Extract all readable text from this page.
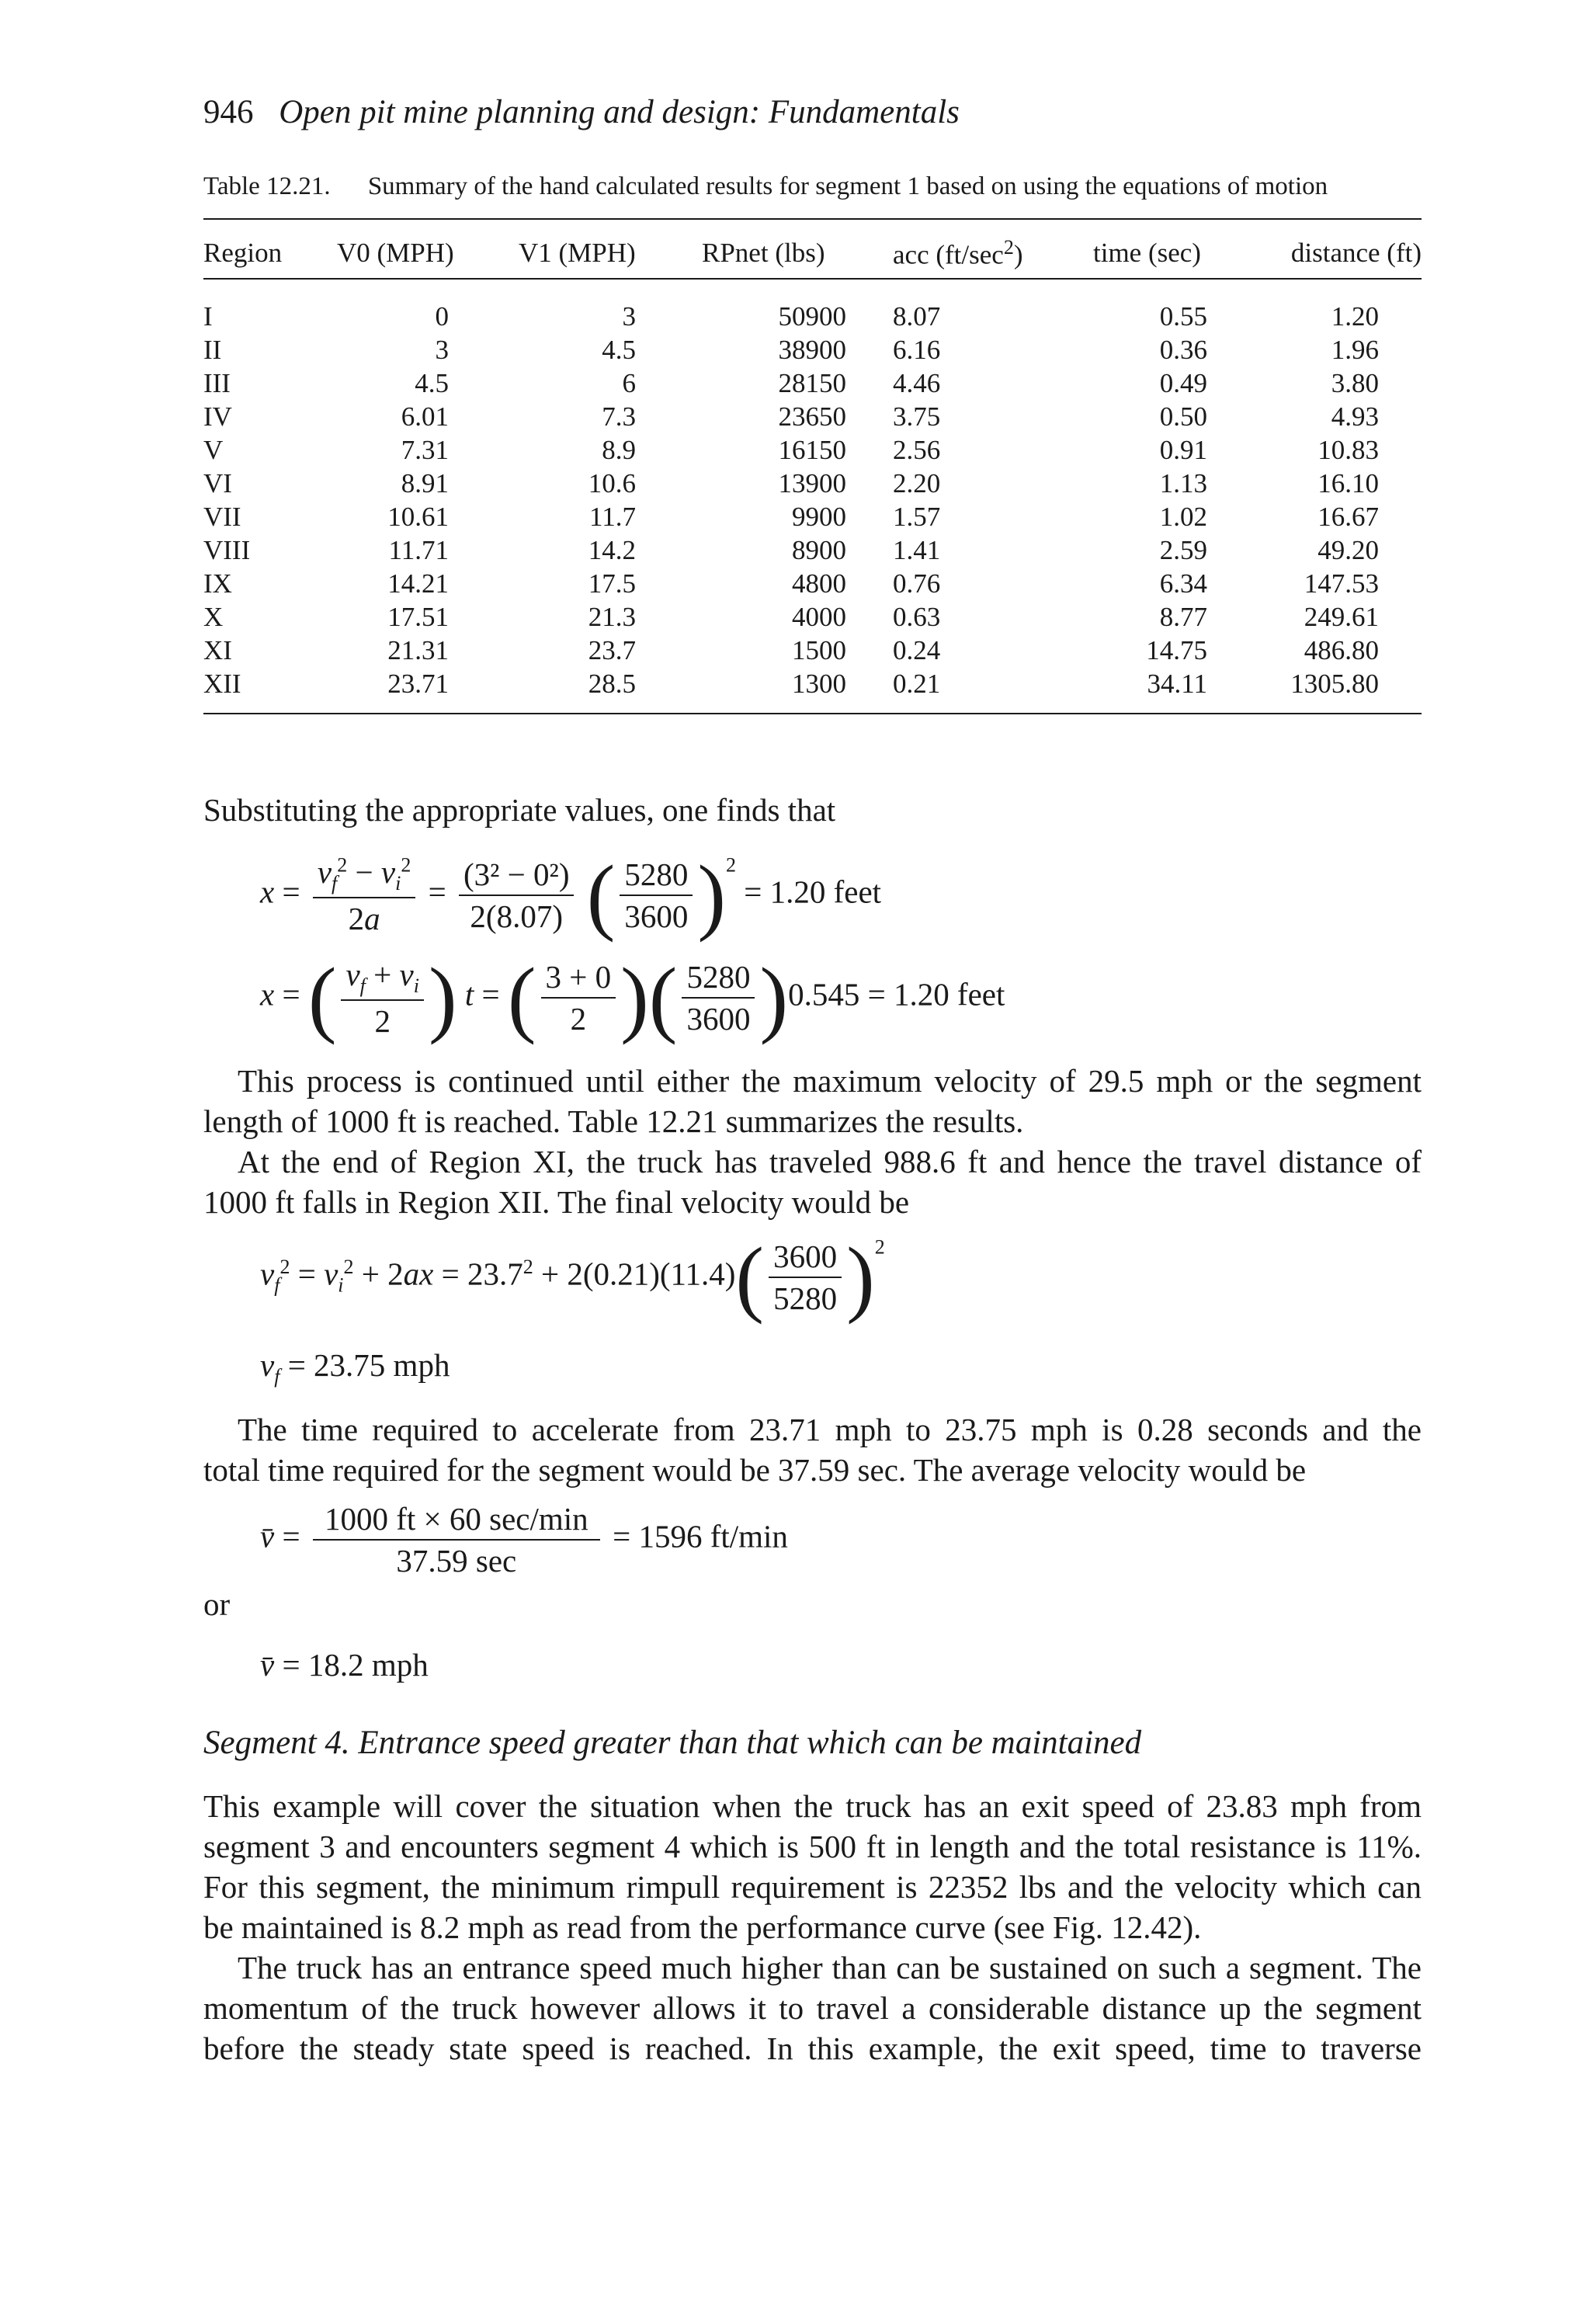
946 Open pit mine planning and design: Fundamentals
Table 12.21. Summary of the hand calculated results for segment 1 based on using the equations of motion
Region	V0 (MPH)	V1 (MPH)	RPnet (lbs)	acc $(ft/\sec^2)$	time (sec)	distance (ft)
I	0	3	50900	8.07	0.55	1.20
II	3	4.5	38900	6.16	0.36	1.96
III	4.5	6	28150	4.46	0.49	3.80
IV	6.01	7.3	23650	3.75	0.50	4.93
V	7.31	8.9	16150	2.56	0.91	10.83
VI	8.91	10.6	13900	2.20	1.13	16.10
VII	10.61	11.7	9900	1.57	1.02	16.67
VIII	11.71	14.2	8900	1.41	2.59	49.20
IX	14.21	17.5	4800	0.76	6.34	147.53
X	17.51	21.3	4000	0.63	8.77	249.61
XI	21.31	23.7	1500	0.24	14.75	486.80
XII	23.71	28.5	1300	0.21	34.11	1305.80
Substituting the appropriate values, one finds that
$x = \frac{v_f^2 - v_i^2}{2a} = \frac{\text{(3² − 0²)}}{2(8.07)}$ ( $\frac{5280}{3600} )^2 = 1.20$ feet
x = ( $\frac{v_f + v_i}{2}$ ) t = ( $\frac{3 + 0}{2}$ )( $\frac{5280}{3600} )0.545 = 1.20$ feet
This process is continued until either the maximum velocity of 29.5 mph or the segment
length of 1000 ft is reached. Table 12.21 summarizes the results.
At the end of Region XI, the truck has traveled 988.6 ft and hence the travel distance of
1000 ft falls in Region XII. The final velocity would be
$v_f^2 = v_i^2 + 2ax = 23.7^2 + 2(0.21)(11.4)( \frac{3600}{5280} )^2$
$v_f = 23.75$ mph
The time required to accelerate from 23.71 mph to 23.75 mph is 0.28 seconds and the
total time required for the segment would be 37.59 sec. The average velocity would be
v̄ = $\frac{1000 ft \times 60 \sec/\min}{37.59 \sec} = 1596$ ft/min
or
v̄ = 18.2 mph
Segment 4. Entrance speed greater than that which can be maintained
This example will cover the situation when the truck has an exit speed of 23.83 mph from
segment 3 and encounters segment 4 which is 500 ft in length and the total resistance is 11%.
For this segment, the minimum rimpull requirement is 22352 lbs and the velocity which can
be maintained is 8.2 mph as read from the performance curve (see Fig. 12.42).
The truck has an entrance speed much higher than can be sustained on such a segment. The
momentum of the truck however allows it to travel a considerable distance up the segment
before the steady state speed is reached. In this example, the exit speed, time to traverse
